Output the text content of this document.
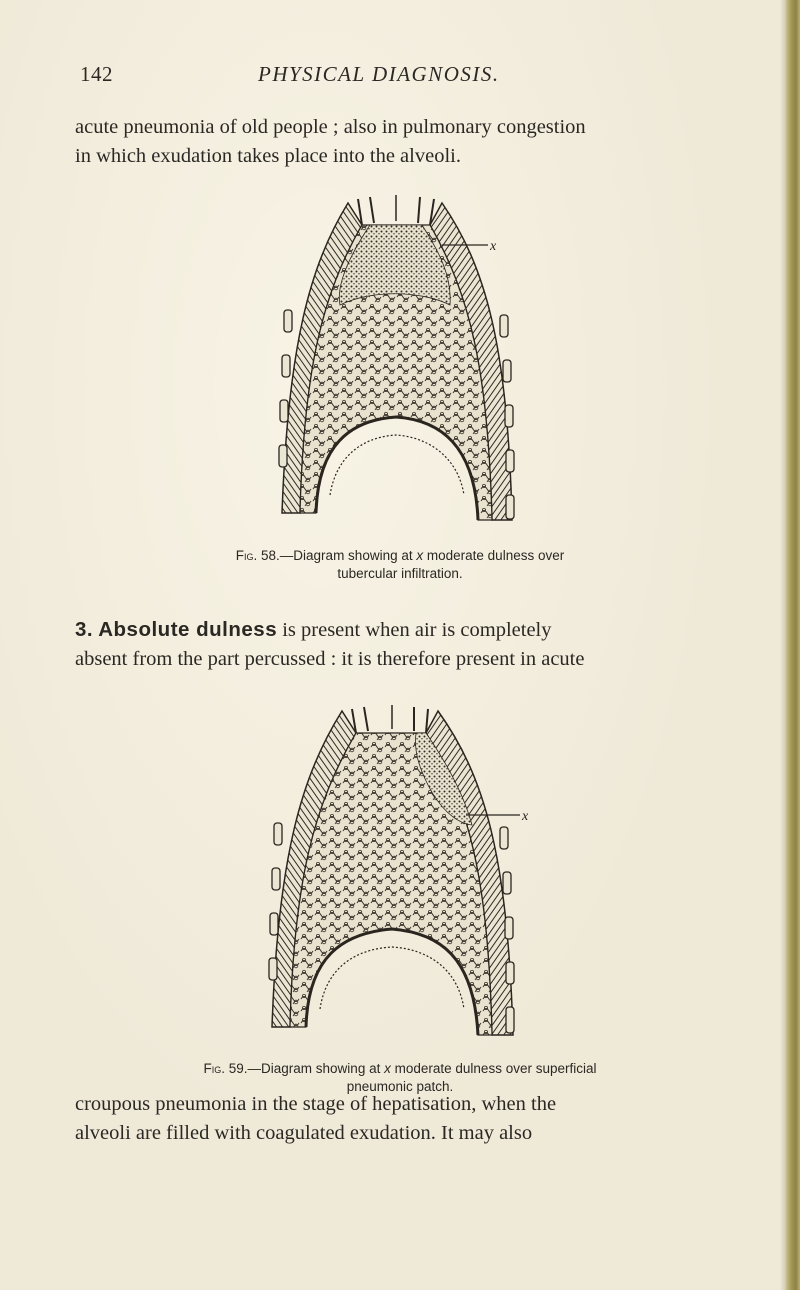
142	PHYSICAL DIAGNOSIS.
acute pneumonia of old people ; also in pulmonary congestion
in which exudation takes place into the alveoli.
x
Fig. 58.—Diagram showing at x moderate dulness over
tubercular infiltration.
3. Absolute dulness is present when air is completely
absent from the part percussed : it is therefore present in acute
x
Fig. 59.—Diagram showing at x moderate dulness over superficial
pneumonic patch.
croupous pneumonia in the stage of hepatisation, when the
alveoli are filled with coagulated exudation. It may also
